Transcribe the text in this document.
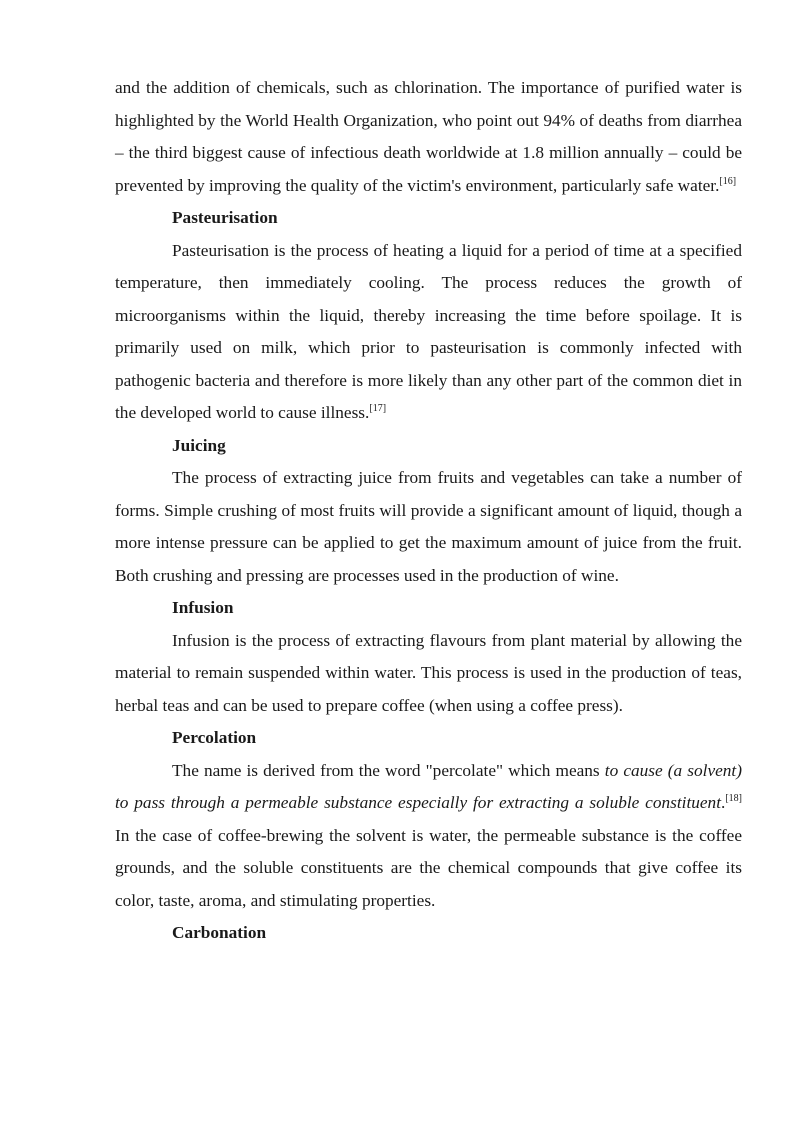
and the addition of chemicals, such as chlorination. The importance of purified water is highlighted by the World Health Organization, who point out 94% of deaths from diarrhea – the third biggest cause of infectious death worldwide at 1.8 million annually – could be prevented by improving the quality of the victim's environment, particularly safe water.[16]

Pasteurisation

Pasteurisation is the process of heating a liquid for a period of time at a specified temperature, then immediately cooling. The process reduces the growth of microorganisms within the liquid, thereby increasing the time before spoilage. It is primarily used on milk, which prior to pasteurisation is commonly infected with pathogenic bacteria and therefore is more likely than any other part of the common diet in the developed world to cause illness.[17]

Juicing

The process of extracting juice from fruits and vegetables can take a number of forms. Simple crushing of most fruits will provide a significant amount of liquid, though a more intense pressure can be applied to get the maximum amount of juice from the fruit. Both crushing and pressing are processes used in the production of wine.

Infusion

Infusion is the process of extracting flavours from plant material by allowing the material to remain suspended within water. This process is used in the production of teas, herbal teas and can be used to prepare coffee (when using a coffee press).

Percolation

The name is derived from the word "percolate" which means to cause (a solvent) to pass through a permeable substance especially for extracting a soluble constituent.[18] In the case of coffee-brewing the solvent is water, the permeable substance is the coffee grounds, and the soluble constituents are the chemical compounds that give coffee its color, taste, aroma, and stimulating properties.

Carbonation
